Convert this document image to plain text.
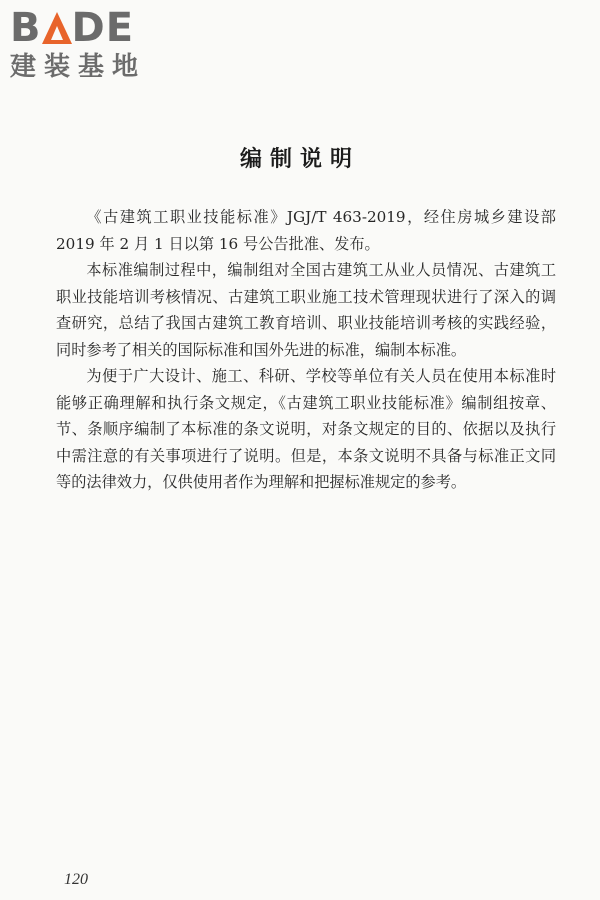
B DE
建装基地
编制说明

《古建筑工职业技能标准》JGJ/T 463-2019，经住房城乡建设部 2019 年 2 月 1 日以第 16 号公告批准、发布。

本标准编制过程中，编制组对全国古建筑工从业人员情况、古建筑工职业技能培训考核情况、古建筑工职业施工技术管理现状进行了深入的调查研究，总结了我国古建筑工教育培训、职业技能培训考核的实践经验，同时参考了相关的国际标准和国外先进的标准，编制本标准。

为便于广大设计、施工、科研、学校等单位有关人员在使用本标准时能够正确理解和执行条文规定，《古建筑工职业技能标准》编制组按章、节、条顺序编制了本标准的条文说明，对条文规定的目的、依据以及执行中需注意的有关事项进行了说明。但是，本条文说明不具备与标准正文同等的法律效力，仅供使用者作为理解和把握标准规定的参考。

120
